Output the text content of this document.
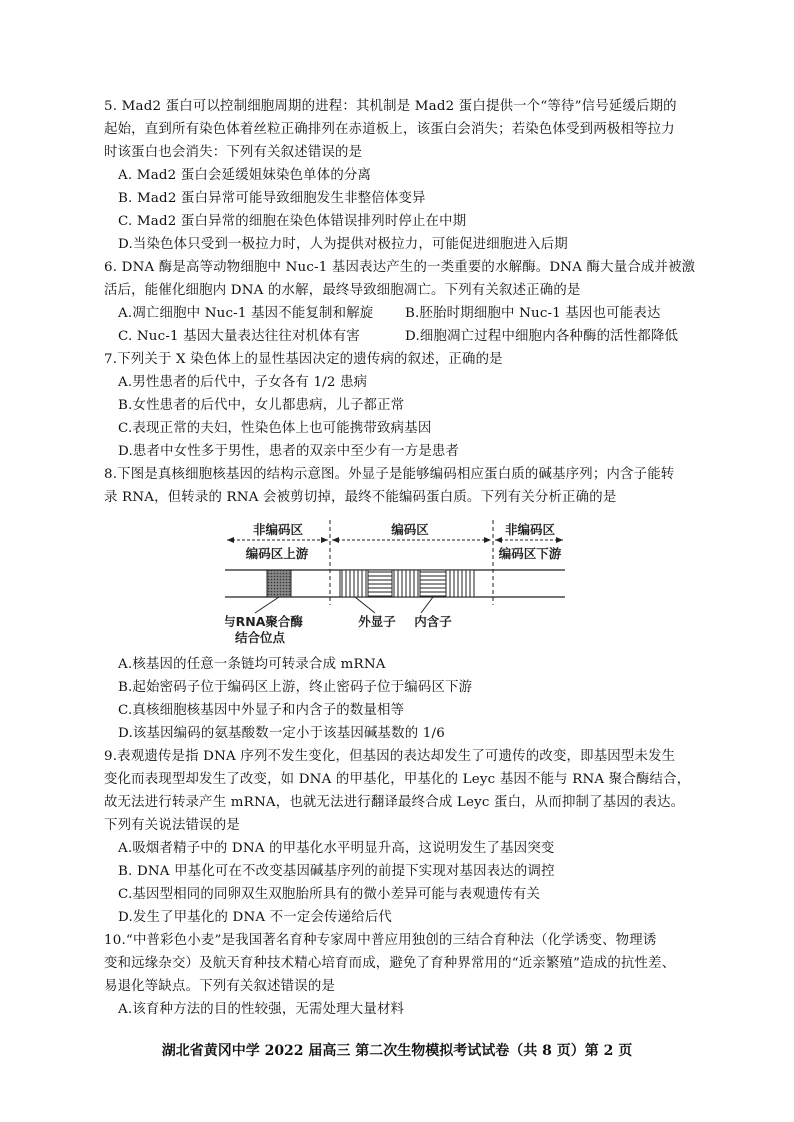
5. Mad2 蛋白可以控制细胞周期的进程：其机制是 Mad2 蛋白提供一个“等待”信号延缓后期的
起始，直到所有染色体着丝粒正确排列在赤道板上，该蛋白会消失；若染色体受到两极相等拉力
时该蛋白也会消失：下列有关叙述错误的是
A. Mad2 蛋白会延缓姐妹染色单体的分离
B. Mad2 蛋白异常可能导致细胞发生非整倍体变异
C. Mad2 蛋白异常的细胞在染色体错误排列时停止在中期
D.当染色体只受到一极拉力时，人为提供对极拉力，可能促进细胞进入后期
6. DNA 酶是高等动物细胞中 Nuc-1 基因表达产生的一类重要的水解酶。DNA 酶大量合成并被激
活后，能催化细胞内 DNA 的水解，最终导致细胞凋亡。下列有关叙述正确的是
A.凋亡细胞中 Nuc-1 基因不能复制和解旋 B.胚胎时期细胞中 Nuc-1 基因也可能表达
C. Nuc-1 基因大量表达往往对机体有害	D.细胞凋亡过程中细胞内各种酶的活性都降低
7.下列关于 X 染色体上的显性基因决定的遗传病的叙述，正确的是
A.男性患者的后代中，子女各有 1/2 患病
B.女性患者的后代中，女儿都患病，儿子都正常
C.表现正常的夫妇，性染色体上也可能携带致病基因
D.患者中女性多于男性，患者的双亲中至少有一方是患者
8.下图是真核细胞核基因的结构示意图。外显子是能够编码相应蛋白质的碱基序列；内含子能转
录 RNA，但转录的 RNA 会被剪切掉，最终不能编码蛋白质。下列有关分析正确的是
非编码区	编码区	非编码区
编码区上游	编码区下游
与RNA聚合酶
结合位点
外显子 内含子
A.核基因的任意一条链均可转录合成 mRNA
B.起始密码子位于编码区上游，终止密码子位于编码区下游
C.真核细胞核基因中外显子和内含子的数量相等
D.该基因编码的氨基酸数一定小于该基因碱基数的 1/6
9.表观遗传是指 DNA 序列不发生变化，但基因的表达却发生了可遗传的改变，即基因型未发生
变化而表现型却发生了改变，如 DNA 的甲基化，甲基化的 Leyc 基因不能与 RNA 聚合酶结合，
故无法进行转录产生 mRNA，也就无法进行翻译最终合成 Leyc 蛋白，从而抑制了基因的表达。
下列有关说法错误的是
A.吸烟者精子中的 DNA 的甲基化水平明显升高，这说明发生了基因突变
B. DNA 甲基化可在不改变基因碱基序列的前提下实现对基因表达的调控
C.基因型相同的同卵双生双胞胎所具有的微小差异可能与表观遗传有关
D.发生了甲基化的 DNA 不一定会传递给后代
10.“中普彩色小麦”是我国著名育种专家周中普应用独创的三结合育种法（化学诱变、物理诱
变和远缘杂交）及航天育种技术精心培育而成，避免了育种界常用的“近亲繁殖”造成的抗性差、
易退化等缺点。下列有关叙述错误的是
A.该育种方法的目的性较强，无需处理大量材料
湖北省黄冈中学 2022 届高三 第二次生物模拟考试试卷（共 8 页）第 2 页
